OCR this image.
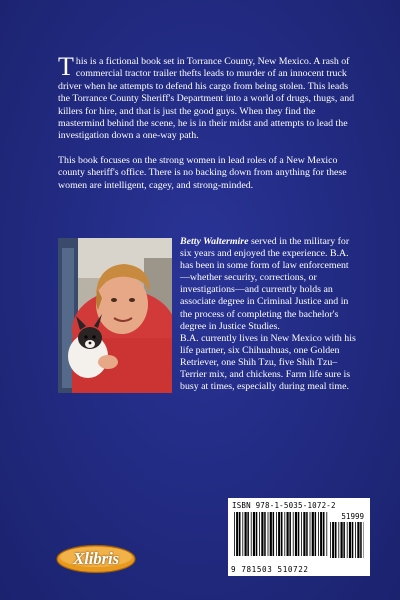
This is a fictional book set in Torrance County, New Mexico. A rash of commercial tractor trailer thefts leads to murder of an innocent truck driver when he attempts to defend his cargo from being stolen. This leads the Torrance County Sheriff's Department into a world of drugs, thugs, and killers for hire, and that is just the good guys. When they find the mastermind behind the scene, he is in their midst and attempts to lead the investigation down a one-way path.

This book focuses on the strong women in lead roles of a New Mexico county sheriff's office. There is no backing down from anything for these women are intelligent, cagey, and strong-minded.

Betty Waltermire served in the military for six years and enjoyed the experience. B.A. has been in some form of law enforcement—whether security, corrections, or investigations—and currently holds an associate degree in Criminal Justice and in the process of completing the bachelor's degree in Justice Studies.

B.A. currently lives in New Mexico with his life partner, six Chihuahuas, one Golden Retriever, one Shih Tzu, five Shih Tzu–Terrier mix, and chickens. Farm life sure is busy at times, especially during meal time.

ISBN 978-1-5035-1072-2
51999
9 781503 510722
Xlibris
